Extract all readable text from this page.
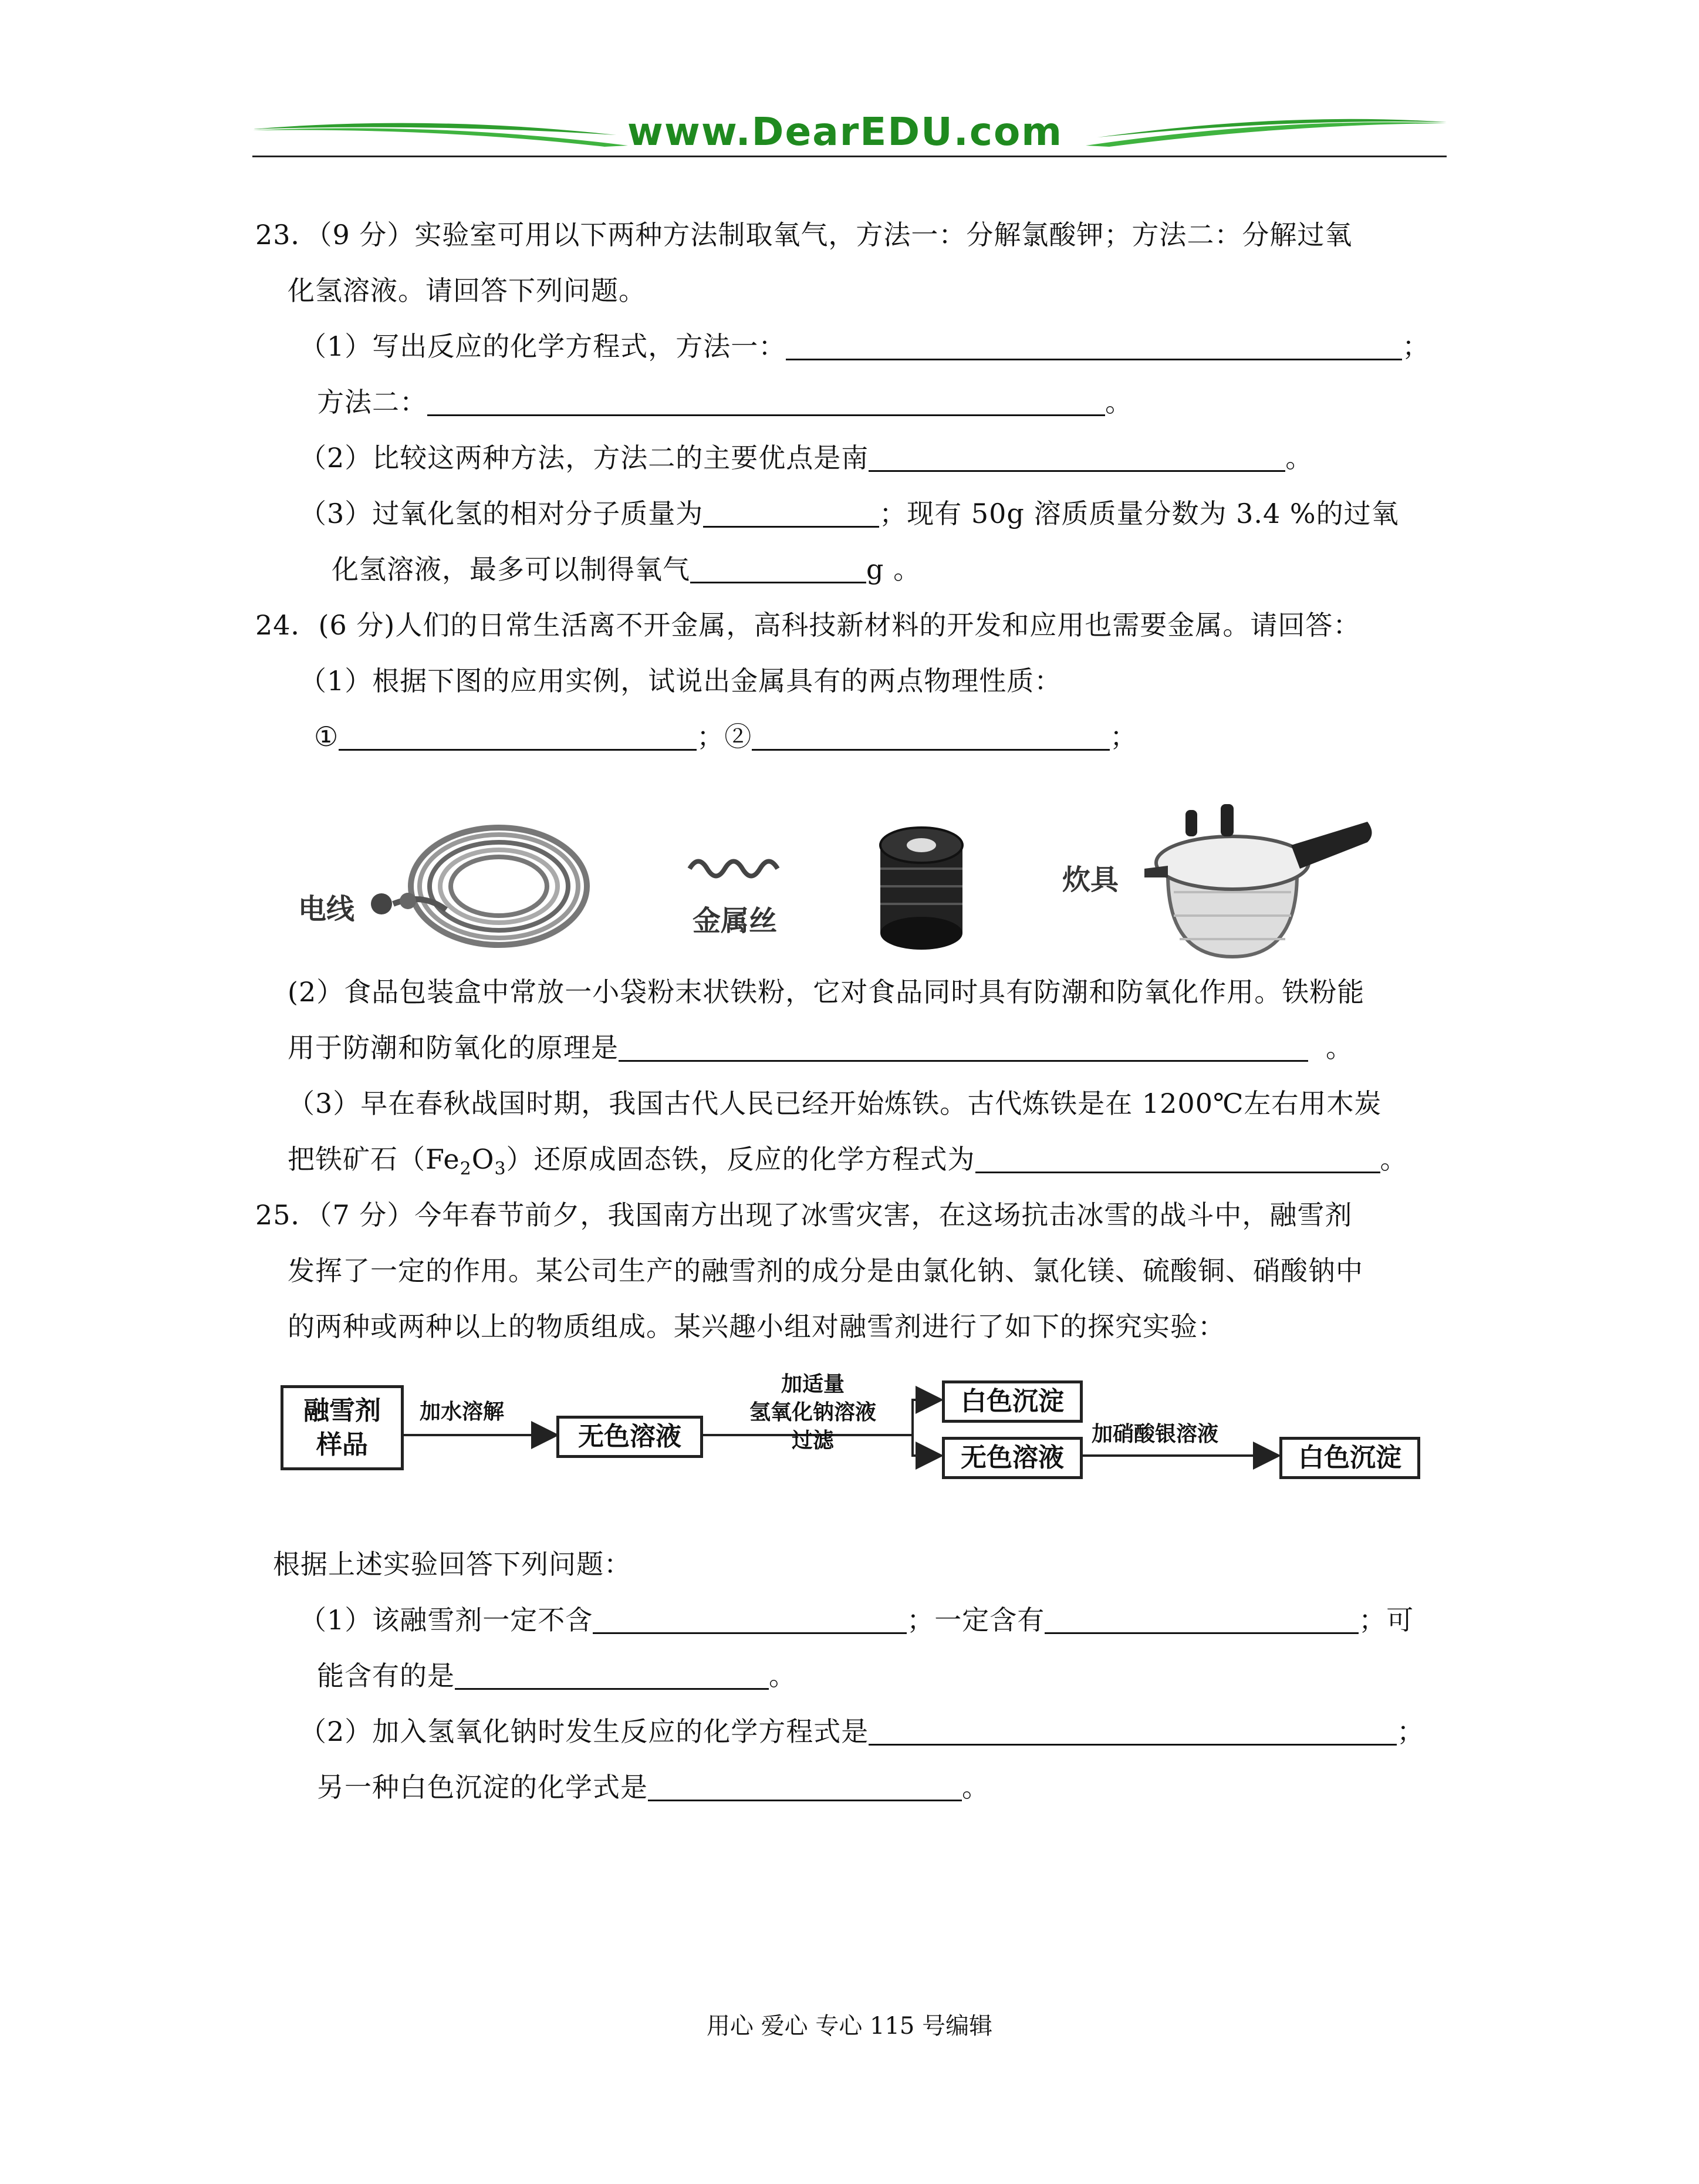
www.DearEDU.com
23．（9 分）实验室可用以下两种方法制取氧气，方法一：分解氯酸钾；方法二：分解过氧
化氢溶液。请回答下列问题。
（1）写出反应的化学方程式，方法一：	；
方法二：	。
（2）比较这两种方法，方法二的主要优点是南	。
（3）过氧化氢的相对分子质量为	；现有 50g 溶质质量分数为 3.4 %的过氧
化氢溶液，最多可以制得氧气	g 。
24．(6 分)人们的日常生活离不开金属，高科技新材料的开发和应用也需要金属。请回答：
（1）根据下图的应用实例，试说出金属具有的两点物理性质：
①	；②	；
电线	金属丝
炊具
(2）食品包装盒中常放一小袋粉末状铁粉，它对食品同时具有防潮和防氧化作用。铁粉能
用于防潮和防氧化的原理是	。
（3）早在春秋战国时期，我国古代人民已经开始炼铁。古代炼铁是在 1200℃左右用木炭
把铁矿石$(Fe_2O_3)$还原成固态铁，反应的化学方程式为	。
25．（7 分）今年春节前夕，我国南方出现了冰雪灾害，在这场抗击冰雪的战斗中，融雪剂
发挥了一定的作用。某公司生产的融雪剂的成分是由氯化钠、氯化镁、硫酸铜、硝酸钠中
的两种或两种以上的物质组成。某兴趣小组对融雪剂进行了如下的探究实验：
融雪剂
样品
加水溶解
无色溶液
加适量
氢氧化钠溶液
过滤
白色沉淀
无色溶液
加硝酸银溶液
白色沉淀
根据上述实验回答下列问题：
（1）该融雪剂一定不含	；一定含有	；可
能含有的是	。
（2）加入氢氧化钠时发生反应的化学方程式是	；
另一种白色沉淀的化学式是	。
用心 爱心 专心 115 号编辑
